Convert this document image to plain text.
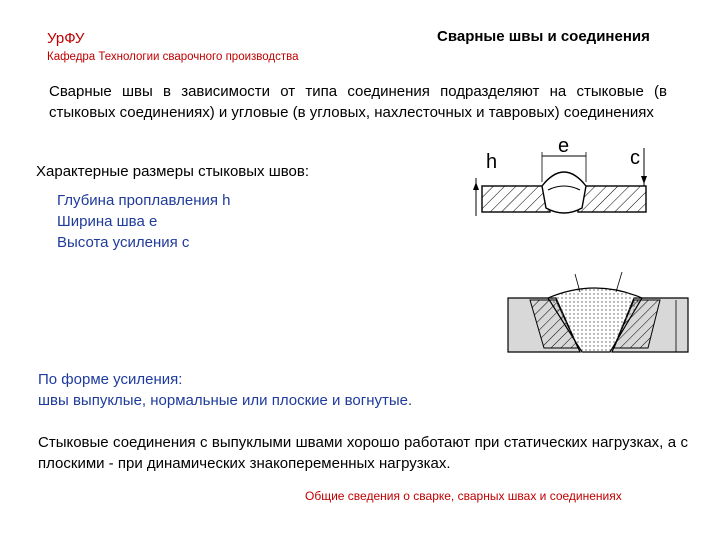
УрФУ
Кафедра Технологии сварочного производства
Сварные швы и соединения
Сварные швы в зависимости от типа соединения подразделяют на стыковые (в стыковых соединениях) и угловые (в угловых, нахлесточных и тавровых) соединениях
Характерные размеры стыковых швов:
Глубина проплавления h
Ширина шва е
Высота усиления с
h
e
c
По форме усиления:
швы выпуклые, нормальные или плоские и вогнутые.
Стыковые соединения с выпуклыми швами хорошо работают при статических нагрузках, а с плоскими - при динамических знакопеременных нагрузках.
Общие сведения о сварке, сварных швах и соединениях
